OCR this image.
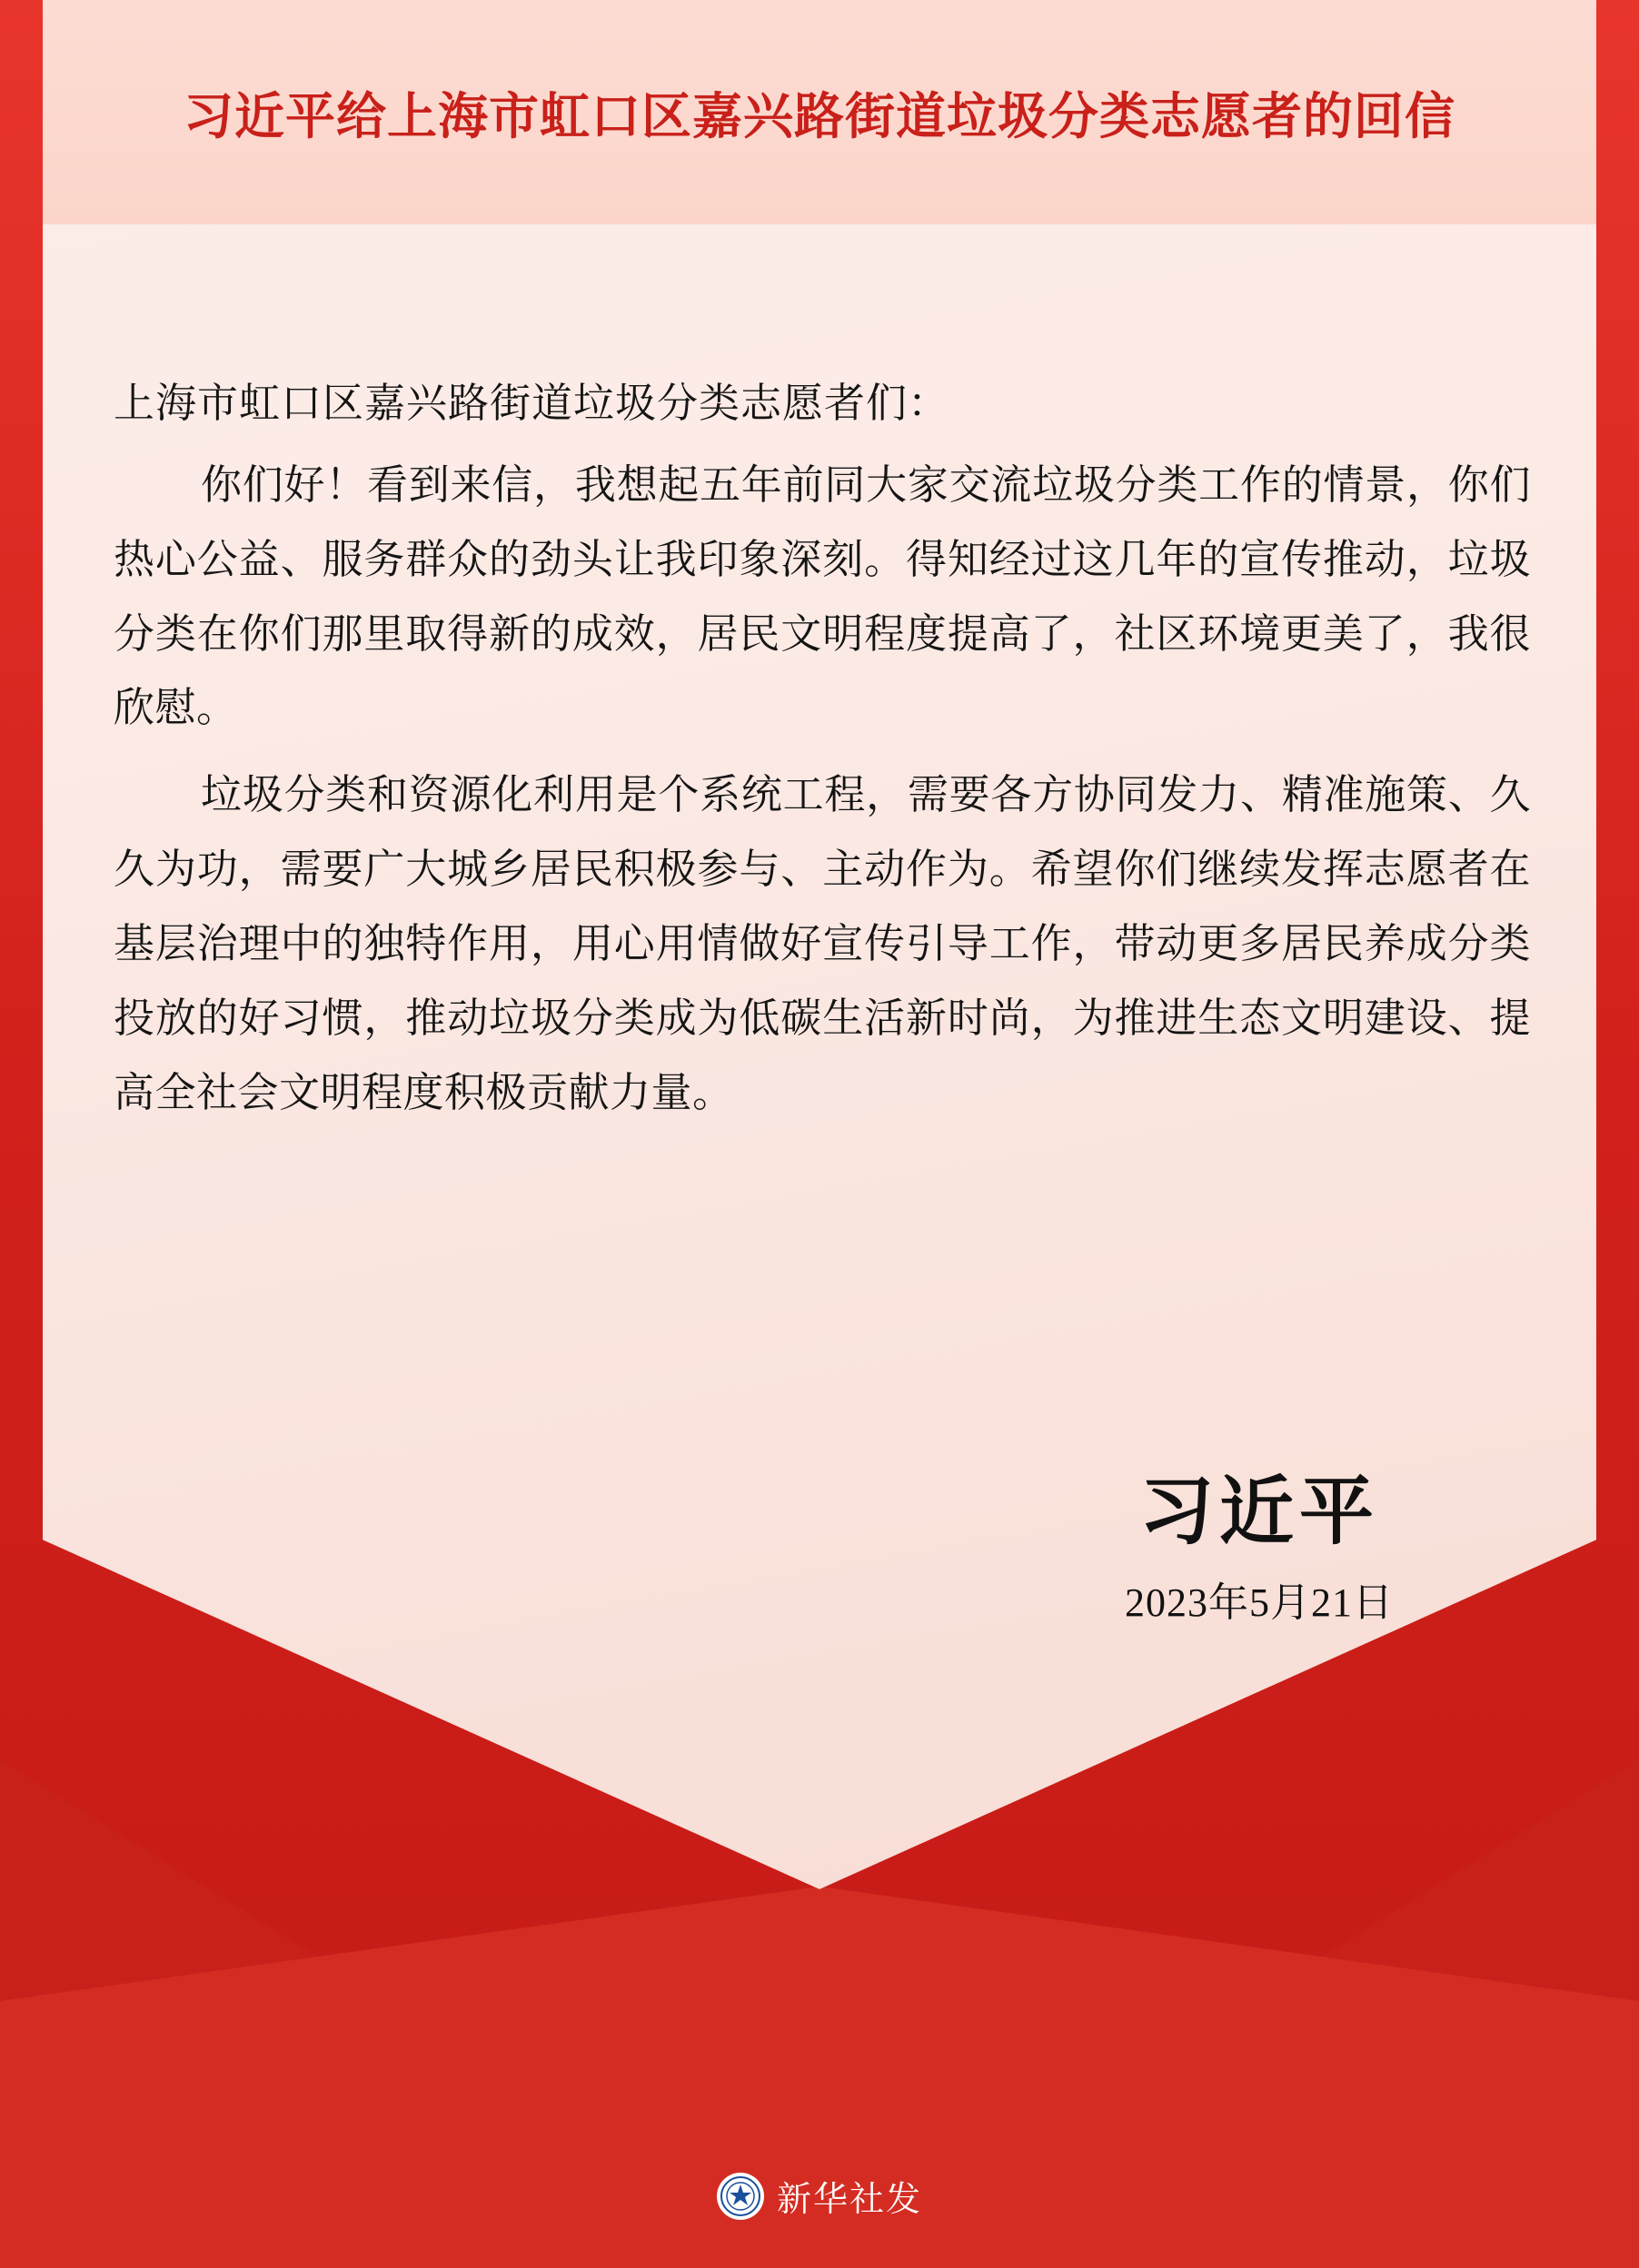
习近平给上海市虹口区嘉兴路街道垃圾分类志愿者的回信
上海市虹口区嘉兴路街道垃圾分类志愿者们：
你们好！看到来信，我想起五年前同大家交流垃圾分类工作的情景，你们热心公益、服务群众的劲头让我印象深刻。得知经过这几年的宣传推动，垃圾分类在你们那里取得新的成效，居民文明程度提高了，社区环境更美了，我很欣慰。
垃圾分类和资源化利用是个系统工程，需要各方协同发力、精准施策、久久为功，需要广大城乡居民积极参与、主动作为。希望你们继续发挥志愿者在基层治理中的独特作用，用心用情做好宣传引导工作，带动更多居民养成分类投放的好习惯，推动垃圾分类成为低碳生活新时尚，为推进生态文明建设、提高全社会文明程度积极贡献力量。
习近平
2023年5月21日
新华社发
